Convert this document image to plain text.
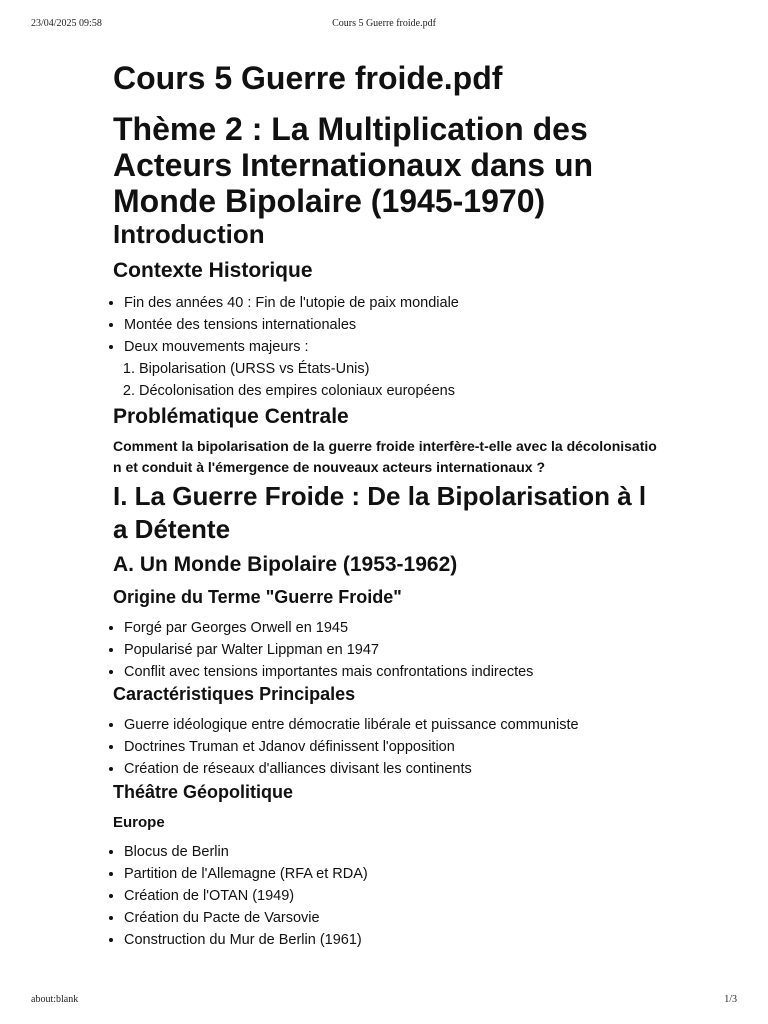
23/04/2025 09:58	Cours 5 Guerre froide.pdf
Cours 5 Guerre froide.pdf
Thème 2 : La Multiplication des Acteurs Internationaux dans un Monde Bipolaire (1945-1970)
Introduction
Contexte Historique
• Fin des années 40 : Fin de l'utopie de paix mondiale
• Montée des tensions internationales
• Deux mouvements majeurs :
1. Bipolarisation (URSS vs États-Unis)
2. Décolonisation des empires coloniaux européens
Problématique Centrale

Comment la bipolarisation de la guerre froide interfère-t-elle avec la décolonisation et conduit à l'émergence de nouveaux acteurs internationaux ?

I. La Guerre Froide : De la Bipolarisation à la Détente
A. Un Monde Bipolaire (1953-1962)
Origine du Terme "Guerre Froide"
• Forgé par Georges Orwell en 1945
• Popularisé par Walter Lippman en 1947
• Conflit avec tensions importantes mais confrontations indirectes
Caractéristiques Principales
• Guerre idéologique entre démocratie libérale et puissance communiste
• Doctrines Truman et Jdanov définissent l'opposition
• Création de réseaux d'alliances divisant les continents
Théâtre Géopolitique
Europe
• Blocus de Berlin
• Partition de l'Allemagne (RFA et RDA)
• Création de l'OTAN (1949)
• Création du Pacte de Varsovie
• Construction du Mur de Berlin (1961)
about:blank	1/3
